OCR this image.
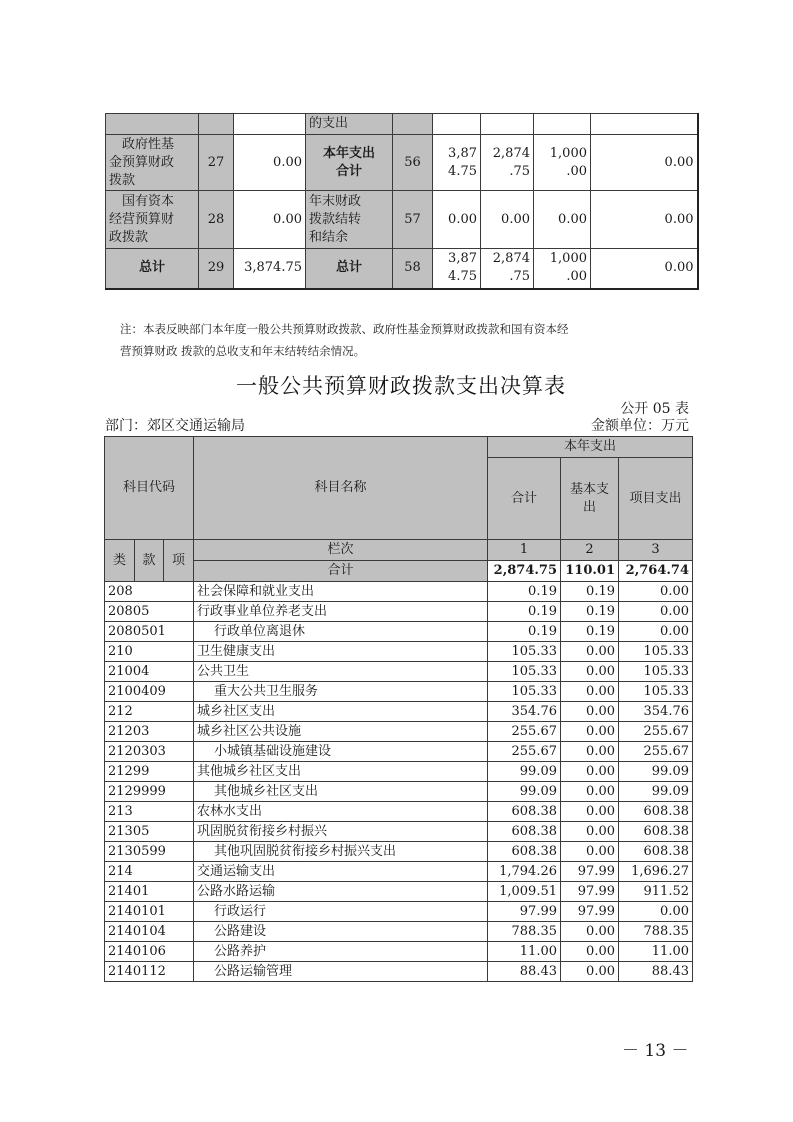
			的支出					

　政府性基
金预算财政
拨款
	27	0.00	
本年支出
合计
	56	
3,87
4.75

2,874
.75

1,000
.00
	0.00

　国有资本
经营预算财
政拨款
	28	0.00	
年末财政
拨款结转
和结余
	57	0.00	0.00	0.00	0.00
总计	29	3,874.75	总计	58	
3,87
4.75

2,874
.75

1,000
.00
	0.00
注：本表反映部门本年度一般公共预算财政拨款、政府性基金预算财政拨款和国有资本经
营预算财政 拨款的总收支和年末结转结余情况。
一般公共预算财政拨款支出决算表
公开 05 表
部门：郊区交通运输局	金额单位：万元
科目代码	科目名称	本年支出
合计	
基本支
出
	项目支出
类	款	项	栏次	1	2	3
合计	2,874.75	110.01	2,764.74
208	社会保障和就业支出	0.19	0.19	0.00
20805	行政事业单位养老支出	0.19	0.19	0.00
2080501	行政单位离退休	0.19	0.19	0.00
210	卫生健康支出	105.33	0.00	105.33
21004	公共卫生	105.33	0.00	105.33
2100409	重大公共卫生服务	105.33	0.00	105.33
212	城乡社区支出	354.76	0.00	354.76
21203	城乡社区公共设施	255.67	0.00	255.67
2120303	小城镇基础设施建设	255.67	0.00	255.67
21299	其他城乡社区支出	99.09	0.00	99.09
2129999	其他城乡社区支出	99.09	0.00	99.09
213	农林水支出	608.38	0.00	608.38
21305	巩固脱贫衔接乡村振兴	608.38	0.00	608.38
2130599	其他巩固脱贫衔接乡村振兴支出	608.38	0.00	608.38
214	交通运输支出	1,794.26	97.99	1,696.27
21401	公路水路运输	1,009.51	97.99	911.52
2140101	行政运行	97.99	97.99	0.00
2140104	公路建设	788.35	0.00	788.35
2140106	公路养护	11.00	0.00	11.00
2140112	公路运输管理	88.43	0.00	88.43
－ 13 －
